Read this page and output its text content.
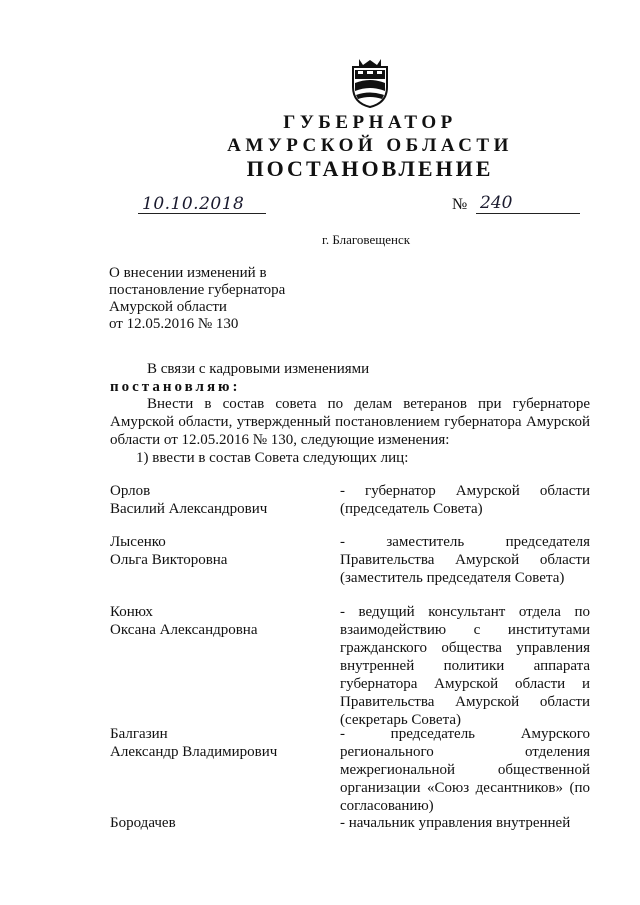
ГУБЕРНАТОР
АМУРСКОЙ ОБЛАСТИ
ПОСТАНОВЛЕНИЕ
10.10.2018	№ 240
г. Благовещенск
О внесении изменений в
постановление губернатора
Амурской области
от 12.05.2016 № 130
В связи с кадровыми изменениями
постановляю:
Внести в состав совета по делам ветеранов при губернаторе Амурской области, утвержденный постановлением губернатора Амурской области от 12.05.2016 № 130, следующие изменения:
1) ввести в состав Совета следующих лиц:
Орлов
Василий Александрович
- губернатор Амурской области (председатель Совета)
Лысенко
Ольга Викторовна
- заместитель председателя Правительства Амурской области (заместитель председателя Совета)
Конюх
Оксана Александровна
- ведущий консультант отдела по взаимодействию с институтами гражданского общества управления внутренней политики аппарата губернатора Амурской области и Правительства Амурской области (секретарь Совета)
Балгазин
Александр Владимирович
- председатель Амурского регионального отделения межрегиональной общественной организации «Союз десантников» (по согласованию)
Бородачев	- начальник управления внутренней
